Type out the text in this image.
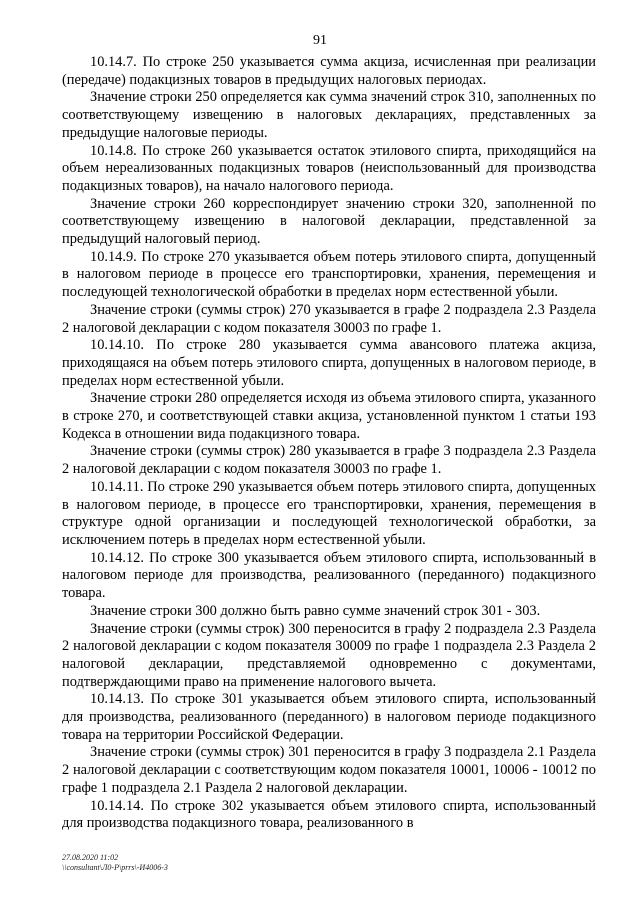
91

10.14.7. По строке 250 указывается сумма акциза, исчисленная при реализации (передаче) подакцизных товаров в предыдущих налоговых периодах.

Значение строки 250 определяется как сумма значений строк 310, заполненных по соответствующему извещению в налоговых декларациях, представленных за предыдущие налоговые периоды.

10.14.8. По строке 260 указывается остаток этилового спирта, приходящийся на объем нереализованных подакцизных товаров (неиспользованный для производства подакцизных товаров), на начало налогового периода.

Значение строки 260 корреспондирует значению строки 320, заполненной по соответствующему извещению в налоговой декларации, представленной за предыдущий налоговый период.

10.14.9. По строке 270 указывается объем потерь этилового спирта, допущенный в налоговом периоде в процессе его транспортировки, хранения, перемещения и последующей технологической обработки в пределах норм естественной убыли.

Значение строки (суммы строк) 270 указывается в графе 2 подраздела 2.3 Раздела 2 налоговой декларации с кодом показателя 30003 по графе 1.

10.14.10. По строке 280 указывается сумма авансового платежа акциза, приходящаяся на объем потерь этилового спирта, допущенных в налоговом периоде, в пределах норм естественной убыли.

Значение строки 280 определяется исходя из объема этилового спирта, указанного в строке 270, и соответствующей ставки акциза, установленной пунктом 1 статьи 193 Кодекса в отношении вида подакцизного товара.

Значение строки (суммы строк) 280 указывается в графе 3 подраздела 2.3 Раздела 2 налоговой декларации с кодом показателя 30003 по графе 1.

10.14.11. По строке 290 указывается объем потерь этилового спирта, допущенных в налоговом периоде, в процессе его транспортировки, хранения, перемещения в структуре одной организации и последующей технологической обработки, за исключением потерь в пределах норм естественной убыли.

10.14.12. По строке 300 указывается объем этилового спирта, использованный в налоговом периоде для производства, реализованного (переданного) подакцизного товара.

Значение строки 300 должно быть равно сумме значений строк 301 - 303.

Значение строки (суммы строк) 300 переносится в графу 2 подраздела 2.3 Раздела 2 налоговой декларации с кодом показателя 30009 по графе 1 подраздела 2.3 Раздела 2 налоговой декларации, представляемой одновременно с документами, подтверждающими право на применение налогового вычета.

10.14.13. По строке 301 указывается объем этилового спирта, использованный для производства, реализованного (переданного) в налоговом периоде подакцизного товара на территории Российской Федерации.

Значение строки (суммы строк) 301 переносится в графу 3 подраздела 2.1 Раздела 2 налоговой декларации с соответствующим кодом показателя 10001, 10006 - 10012 по графе 1 подраздела 2.1 Раздела 2 налоговой декларации.

10.14.14. По строке 302 указывается объем этилового спирта, использованный для производства подакцизного товара, реализованного в

27.08.2020 11:02
\\consultant\Л0-Р\prrs\-И4006-3
